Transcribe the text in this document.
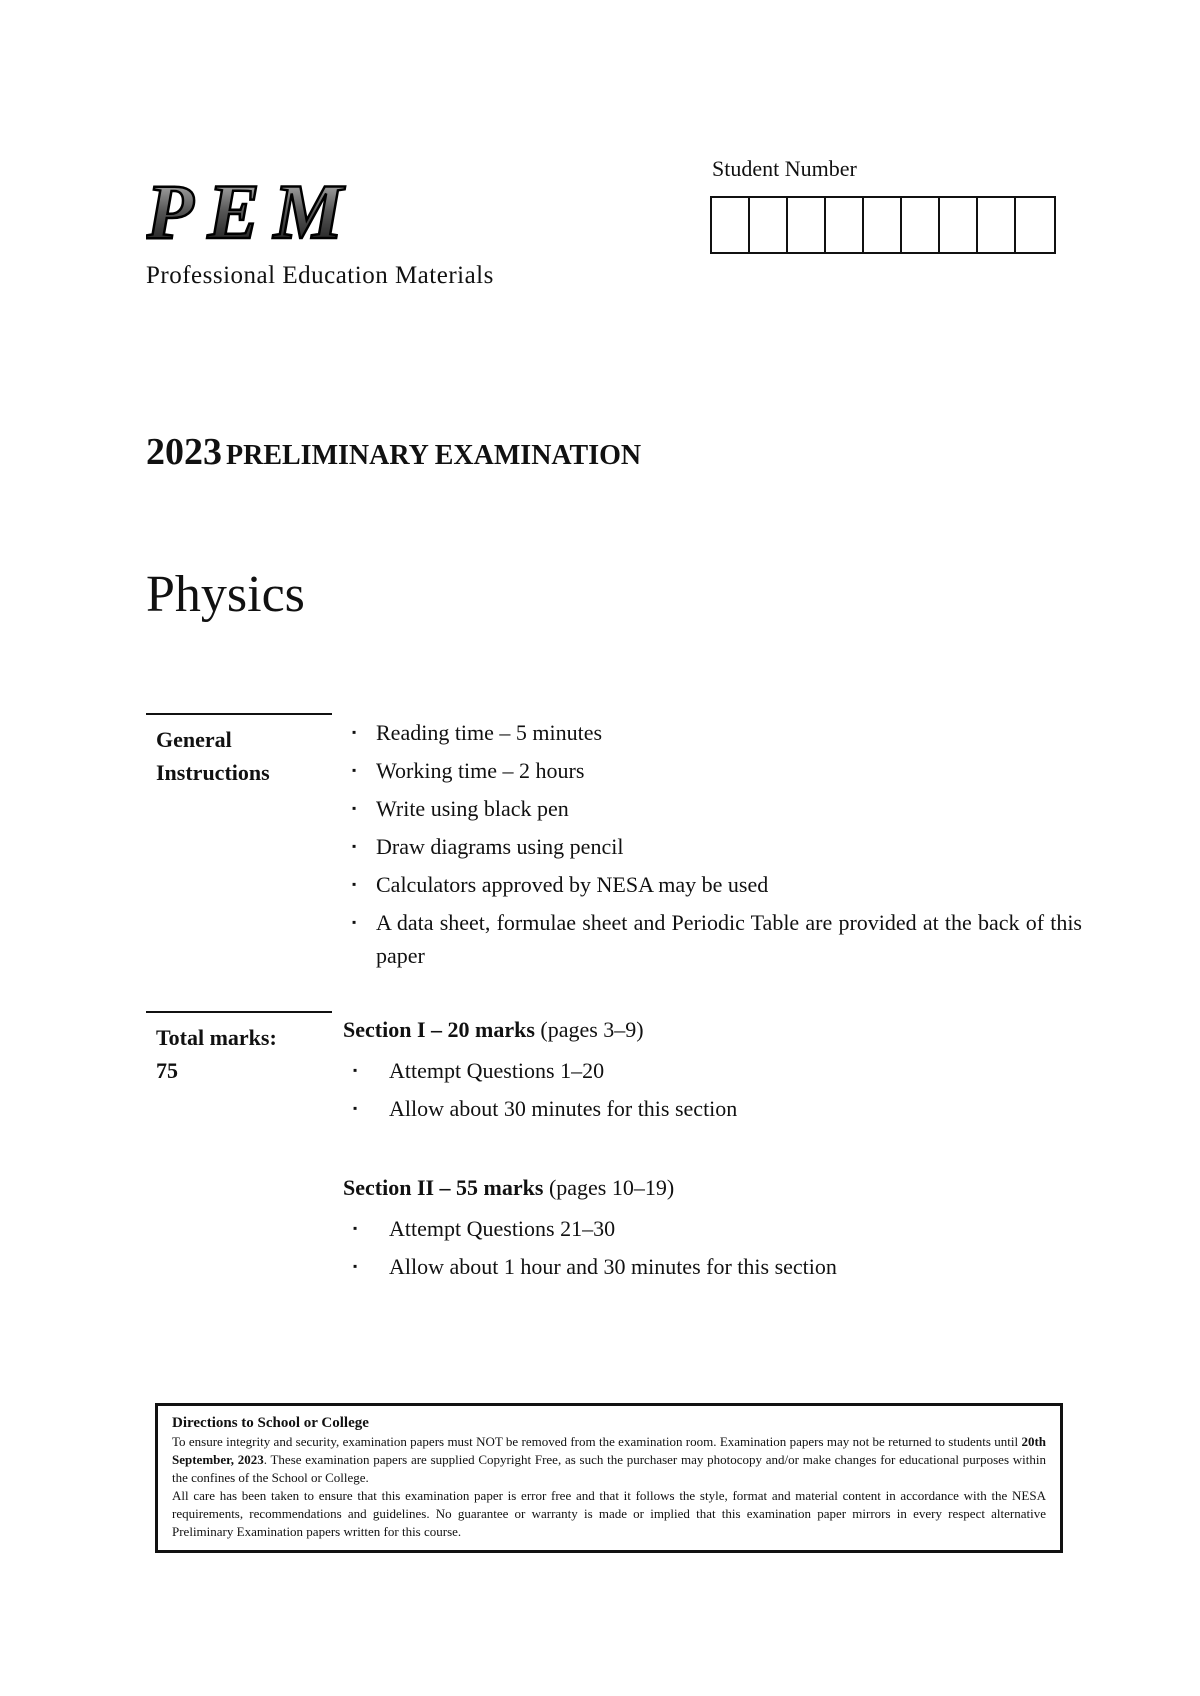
PEM
Professional Education Materials
Student Number
2023 PRELIMINARY EXAMINATION
Physics
General
Instructions
▪ Reading time – 5 minutes
▪ Working time – 2 hours
▪ Write using black pen
▪ Draw diagrams using pencil
▪ Calculators approved by NESA may be used
▪ A data sheet, formulae sheet and Periodic Table are provided at the back of this paper
Total marks:
75
Section I – 20 marks (pages 3–9)
▪ Attempt Questions 1–20
▪ Allow about 30 minutes for this section
Section II – 55 marks (pages 10–19)
▪ Attempt Questions 21–30
▪ Allow about 1 hour and 30 minutes for this section
Directions to School or College

To ensure integrity and security, examination papers must NOT be removed from the examination room. Examination papers may not be returned to students until 20th September, 2023. These examination papers are supplied Copyright Free, as such the purchaser may photocopy and/or make changes for educational purposes within the confines of the School or College.

All care has been taken to ensure that this examination paper is error free and that it follows the style, format and material content in accordance with the NESA requirements, recommendations and guidelines. No guarantee or warranty is made or implied that this examination paper mirrors in every respect alternative Preliminary Examination papers written for this course.
